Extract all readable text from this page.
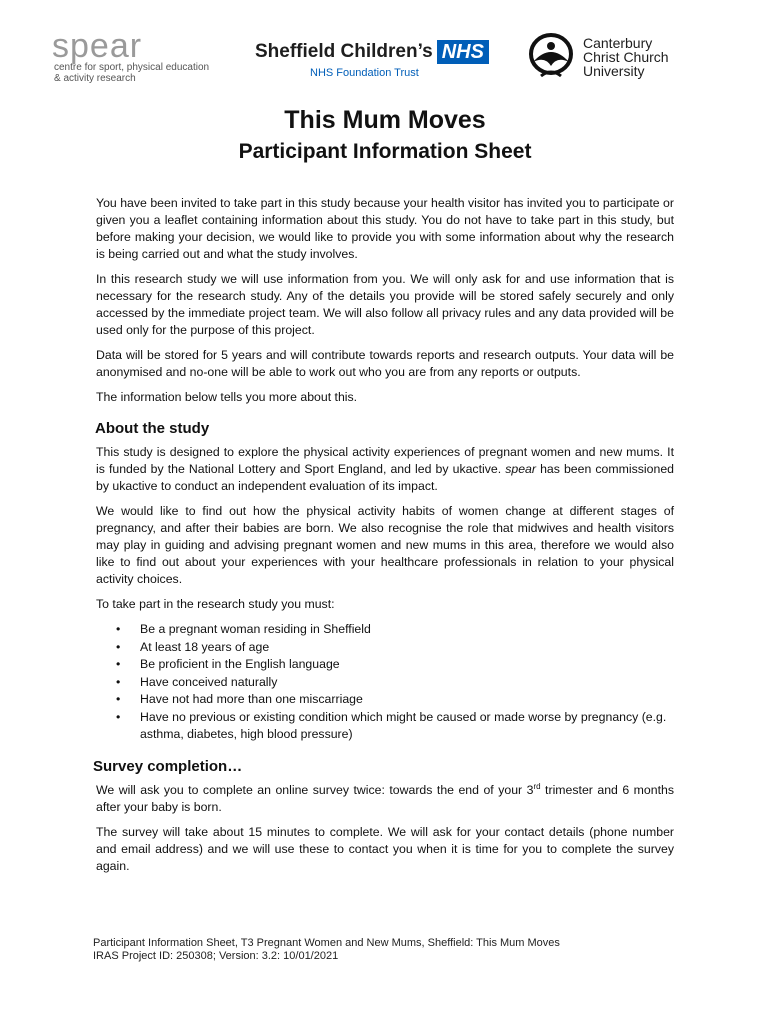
spear
centre for sport, physical education
& activity research
Sheffield Children’s NHS
NHS Foundation Trust
Canterbury
Christ Church
University
This Mum Moves
Participant Information Sheet

You have been invited to take part in this study because your health visitor has invited you to participate or given you a leaflet containing information about this study. You do not have to take part in this study, but before making your decision, we would like to provide you with some information about why the research is being carried out and what the study involves.

In this research study we will use information from you. We will only ask for and use information that is necessary for the research study. Any of the details you provide will be stored safely securely and only accessed by the immediate project team. We will also follow all privacy rules and any data provided will be used only for the purpose of this project.

Data will be stored for 5 years and will contribute towards reports and research outputs. Your data will be anonymised and no-one will be able to work out who you are from any reports or outputs.

The information below tells you more about this.

About the study

This study is designed to explore the physical activity experiences of pregnant women and new mums. It is funded by the National Lottery and Sport England, and led by ukactive. spear has been commissioned by ukactive to conduct an independent evaluation of its impact.

We would like to find out how the physical activity habits of women change at different stages of pregnancy, and after their babies are born. We also recognise the role that midwives and health visitors may play in guiding and advising pregnant women and new mums in this area, therefore we would also like to find out about your experiences with your healthcare professionals in relation to your physical activity choices.

To take part in the research study you must:

• Be a pregnant woman residing in Sheffield
• At least 18 years of age
• Be proficient in the English language
• Have conceived naturally
• Have not had more than one miscarriage
• Have no previous or existing condition which might be caused or made worse by pregnancy (e.g. asthma, diabetes, high blood pressure)
Survey completion…

We will ask you to complete an online survey twice: towards the end of your 3rd trimester and 6 months after your baby is born.

The survey will take about 15 minutes to complete. We will ask for your contact details (phone number and email address) and we will use these to contact you when it is time for you to complete the survey again.

Participant Information Sheet, T3 Pregnant Women and New Mums, Sheffield: This Mum Moves
IRAS Project ID: 250308; Version: 3.2: 10/01/2021
